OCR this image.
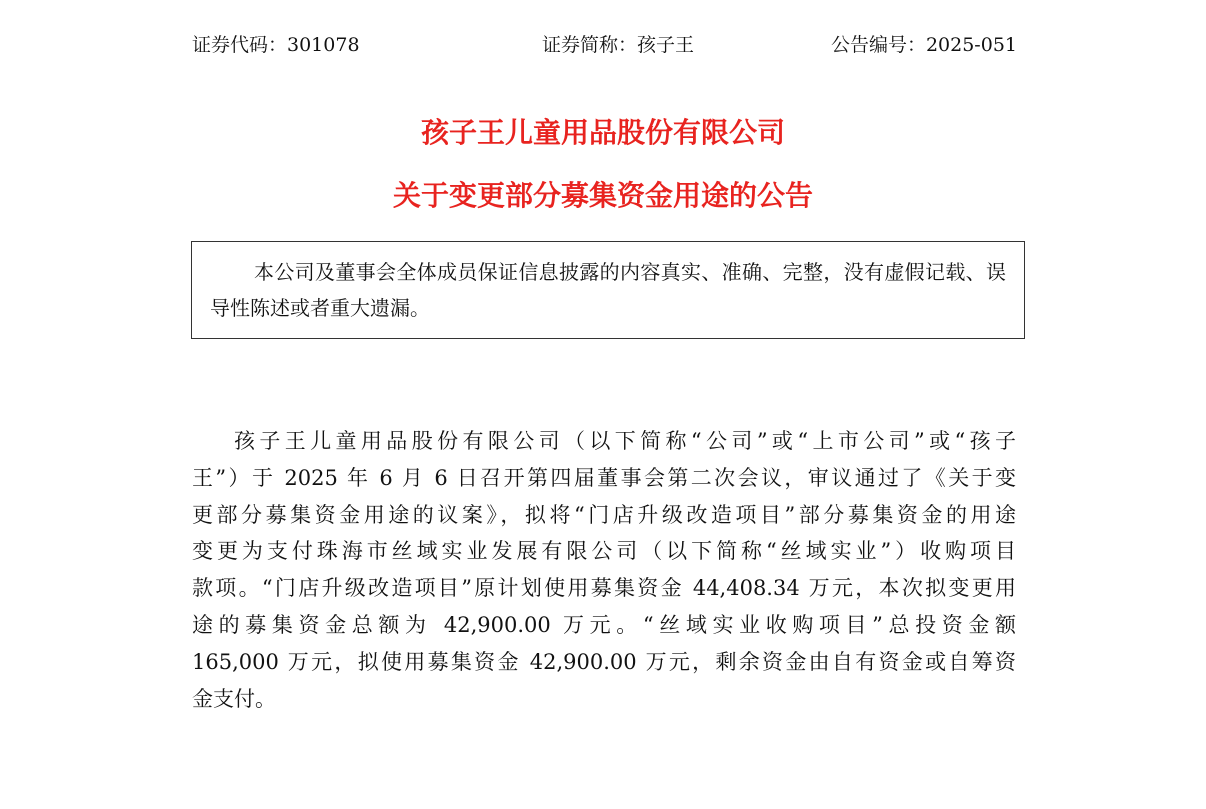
证券代码：301078	证券简称：孩子王	公告编号：2025-051
孩子王儿童用品股份有限公司
关于变更部分募集资金用途的公告

本公司及董事会全体成员保证信息披露的内容真实、准确、完整，没有虚假记载、误导性陈述或者重大遗漏。

孩子王儿童用品股份有限公司（以下简称“公司”或“上市公司”或“孩子
王”）于 2025 年 6 月 6 日召开第四届董事会第二次会议，审议通过了《关于变
更部分募集资金用途的议案》，拟将“门店升级改造项目”部分募集资金的用途
变更为支付珠海市丝域实业发展有限公司（以下简称“丝域实业”）收购项目
款项。“门店升级改造项目”原计划使用募集资金 44,408.34 万元，本次拟变更用
途的募集资金总额为 42,900.00 万元。“丝域实业收购项目”总投资金额
165,000 万元，拟使用募集资金 42,900.00 万元，剩余资金由自有资金或自筹资
金支付。
